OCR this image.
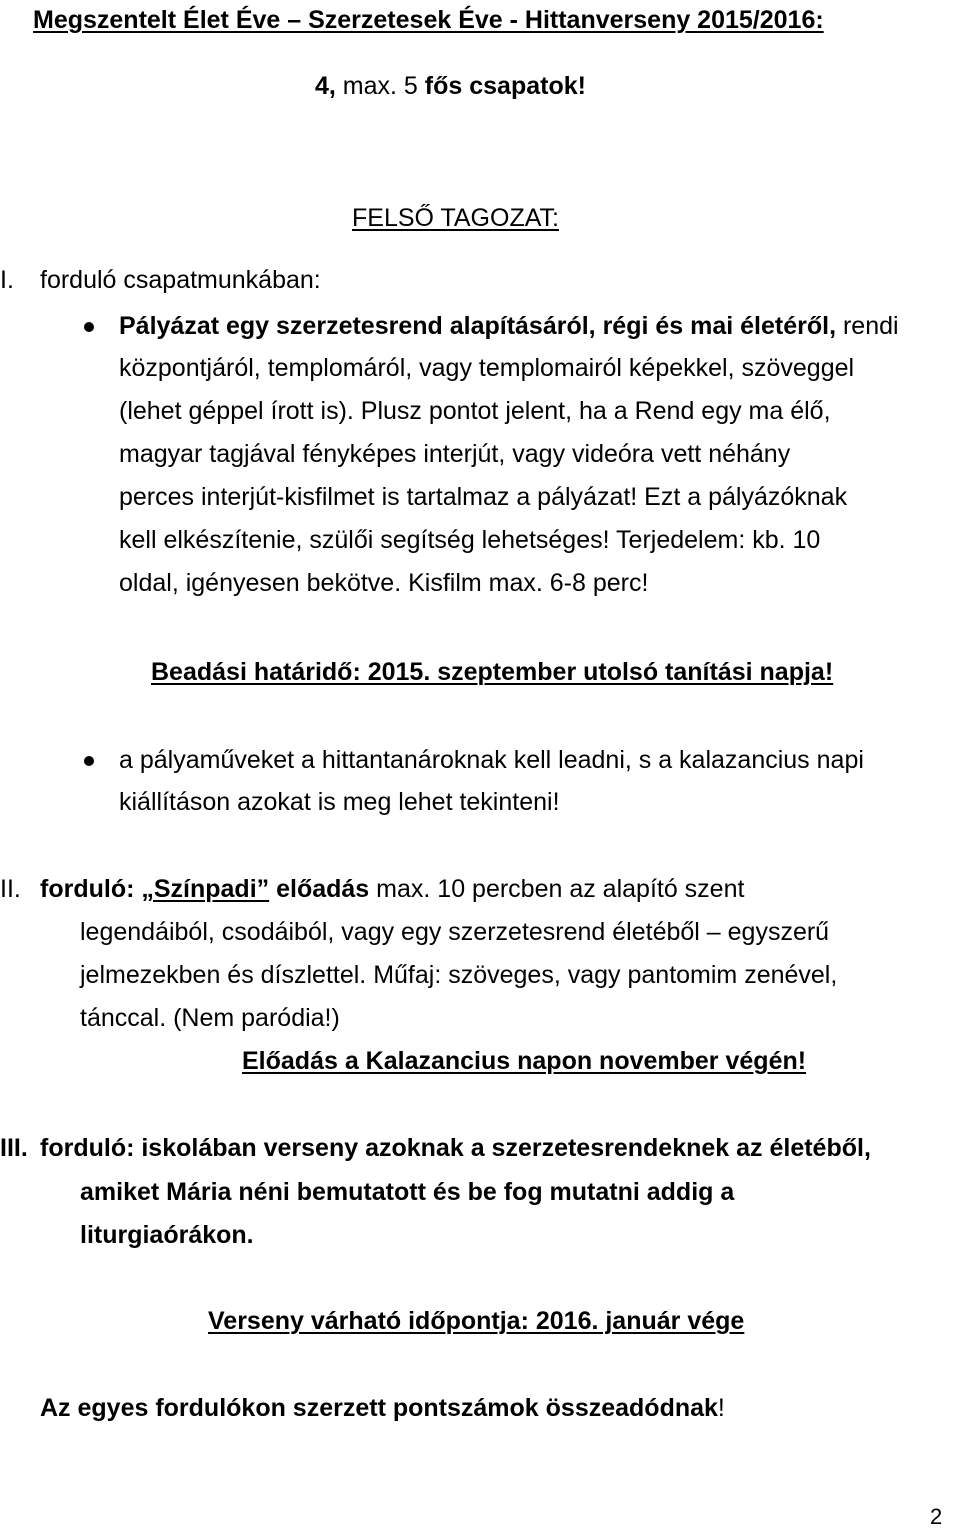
Megszentelt Élet Éve – Szerzetesek Éve - Hittanverseny 2015/2016:
4, max. 5 fős csapatok!
FELSŐ TAGOZAT:
I. forduló csapatmunkában:
Pályázat egy szerzetesrend alapításáról, régi és mai életéről, rendi
központjáról, templomáról, vagy templomairól képekkel, szöveggel
(lehet géppel írott is). Plusz pontot jelent, ha a Rend egy ma élő,
magyar tagjával fényképes interjút, vagy videóra vett néhány
perces interjút-kisfilmet is tartalmaz a pályázat! Ezt a pályázóknak
kell elkészítenie, szülői segítség lehetséges! Terjedelem: kb. 10
oldal, igényesen bekötve. Kisfilm max. 6-8 perc!
Beadási határidő: 2015. szeptember utolsó tanítási napja!
a pályaműveket a hittantanároknak kell leadni, s a kalazancius napi
kiállításon azokat is meg lehet tekinteni!
II. forduló: „Színpadi” előadás max. 10 percben az alapító szent
legendáiból, csodáiból, vagy egy szerzetesrend életéből – egyszerű
jelmezekben és díszlettel. Műfaj: szöveges, vagy pantomim zenével,
tánccal. (Nem paródia!)
Előadás a Kalazancius napon november végén!
III. forduló: iskolában verseny azoknak a szerzetesrendeknek az életéből,
amiket Mária néni bemutatott és be fog mutatni addig a
liturgiaórákon.
Verseny várható időpontja: 2016. január vége
Az egyes fordulókon szerzett pontszámok összeadódnak!
2
